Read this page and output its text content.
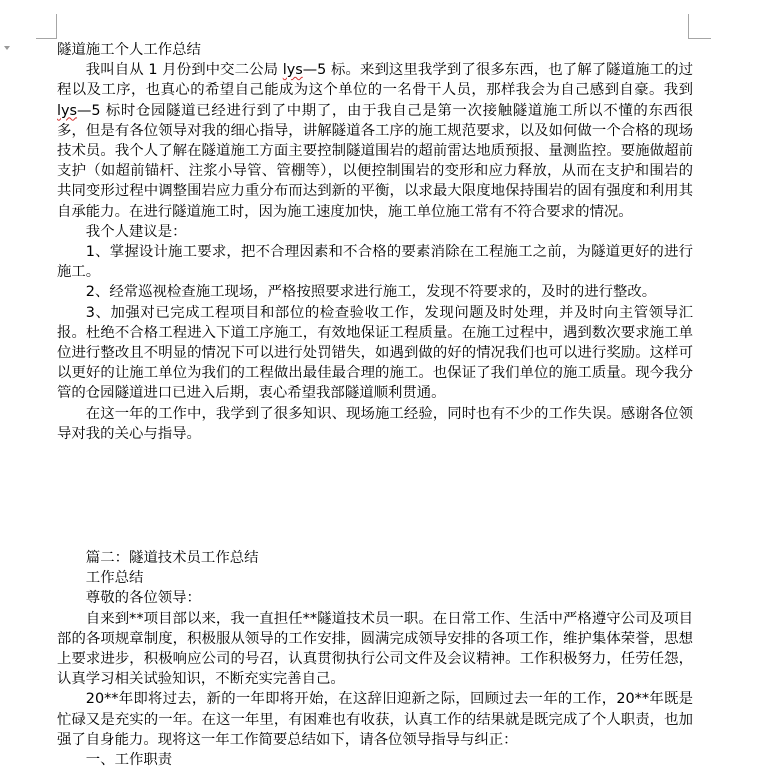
隧道施工个人工作总结

我叫自从 1 月份到中交二公局 lys—5 标。来到这里我学到了很多东西，也了解了隧道施工的过程以及工序，也真心的希望自己能成为这个单位的一名骨干人员，那样我会为自己感到自豪。我到 lys—5 标时仓园隧道已经进行到了中期了，由于我自己是第一次接触隧道施工所以不懂的东西很多，但是有各位领导对我的细心指导，讲解隧道各工序的施工规范要求，以及如何做一个合格的现场技术员。我个人了解在隧道施工方面主要控制隧道围岩的超前雷达地质预报、量测监控。要施做超前支护（如超前锚杆、注浆小导管、管棚等），以便控制围岩的变形和应力释放，从而在支护和围岩的共同变形过程中调整围岩应力重分布而达到新的平衡，以求最大限度地保持围岩的固有强度和利用其自承能力。在进行隧道施工时，因为施工速度加快，施工单位施工常有不符合要求的情况。

我个人建议是：

1、掌握设计施工要求，把不合理因素和不合格的要素消除在工程施工之前，为隧道更好的进行施工。

2、经常巡视检查施工现场，严格按照要求进行施工，发现不符要求的，及时的进行整改。

3、加强对已完成工程项目和部位的检查验收工作，发现问题及时处理，并及时向主管领导汇报。杜绝不合格工程进入下道工序施工，有效地保证工程质量。在施工过程中，遇到数次要求施工单位进行整改且不明显的情况下可以进行处罚错失，如遇到做的好的情况我们也可以进行奖励。这样可以更好的让施工单位为我们的工程做出最佳最合理的施工。也保证了我们单位的施工质量。现今我分管的仓园隧道进口已进入后期，衷心希望我部隧道顺利贯通。

在这一年的工作中，我学到了很多知识、现场施工经验，同时也有不少的工作失误。感谢各位领导对我的关心与指导。

篇二：隧道技术员工作总结

工作总结

尊敬的各位领导：

自来到**项目部以来，我一直担任**隧道技术员一职。在日常工作、生活中严格遵守公司及项目部的各项规章制度，积极服从领导的工作安排，圆满完成领导安排的各项工作，维护集体荣誉，思想上要求进步，积极响应公司的号召，认真贯彻执行公司文件及会议精神。工作积极努力，任劳任怨，认真学习相关试验知识，不断充实完善自己。

20**年即将过去，新的一年即将开始，在这辞旧迎新之际，回顾过去一年的工作，20**年既是忙碌又是充实的一年。在这一年里，有困难也有收获，认真工作的结果就是既完成了个人职责，也加强了自身能力。现将这一年工作简要总结如下，请各位领导指导与纠正：

一、工作职责
